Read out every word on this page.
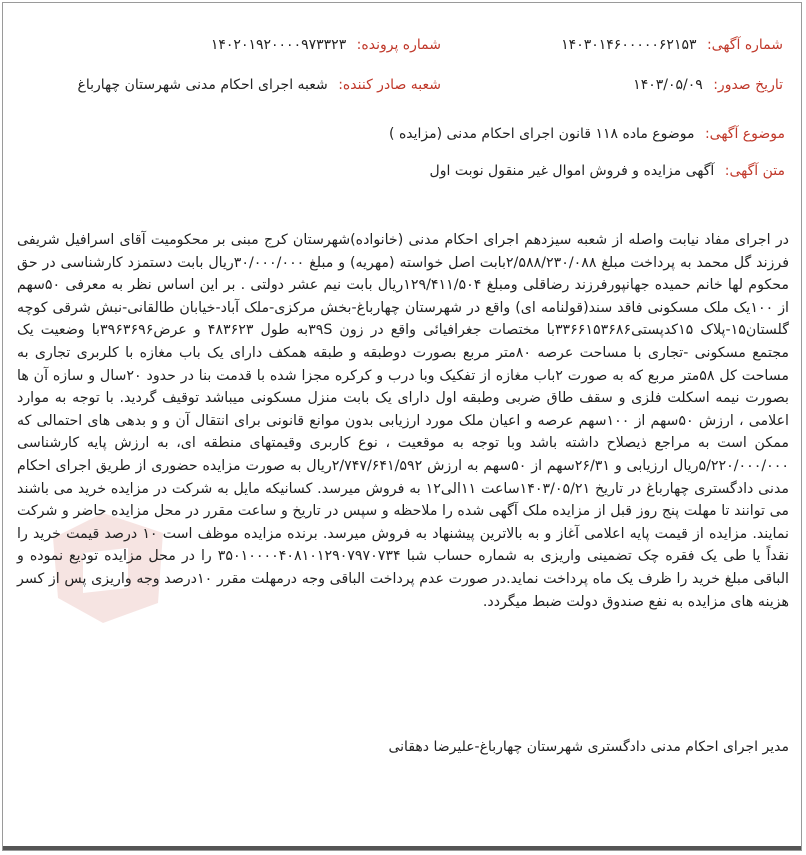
شماره آگهی: ۱۴۰۳۰۱۴۶۰۰۰۰۰۶۲۱۵۳
شماره پرونده: ۱۴۰۲۰۱۹۲۰۰۰۰۹۷۳۳۲۳
تاریخ صدور: ۱۴۰۳/۰۵/۰۹
شعبه صادر کننده: شعبه اجرای احکام مدنی شهرستان چهارباغ
موضوع آگهی: موضوع ماده ۱۱۸ قانون اجرای احکام مدنی (مزایده )
متن آگهی: آگهی مزایده و فروش اموال غیر منقول نوبت اول
در اجرای مفاد نیابت واصله از شعبه سیزدهم اجرای احکام مدنی (خانواده)شهرستان کرج مبنی بر محکومیت آقای اسرافیل شریفی فرزند گل محمد به پرداخت مبلغ ۲/۵۸۸/۲۳۰/۰۸۸بابت اصل خواسته (مهریه) و مبلغ ۳۰/۰۰۰/۰۰۰ریال بابت دستمزد کارشناسی در حق محکوم لها خانم حمیده جهانپورفرزند رضاقلی ومبلغ ۱۲۹/۴۱۱/۵۰۴ریال بابت نیم عشر دولتی . بر این اساس نظر به معرفی ۵۰سهم از ۱۰۰یک ملک مسکونی فاقد سند(قولنامه ای) واقع در شهرستان چهارباغ-بخش مرکزی-ملک آباد-خیابان طالقانی-نبش شرقی کوچه گلستان۱۵-پلاک ۱۵کدپستی۳۳۶۶۱۵۳۶۸۶با مختصات جغرافیائی واقع در زون ۳۹Sبه طول ۴۸۳۶۲۳ و عرض۳۹۶۳۶۹۶با وضعیت یک مجتمع مسکونی -تجاری با مساحت عرصه ۸۰متر مربع بصورت دوطبقه و طبقه همکف دارای یک باب مغازه با کلربری تجاری به مساحت کل ۵۸متر مربع که به صورت ۲باب مغازه از تفکیک وبا درب و کرکره مجزا شده با قدمت بنا در حدود ۲۰سال و سازه آن ها بصورت نیمه اسکلت فلزی و سقف طاق ضربی وطبقه اول دارای یک بابت منزل مسکونی میباشد توقیف گردید. با توجه به موارد اعلامی ، ارزش ۵۰سهم از ۱۰۰سهم عرصه و اعیان ملک مورد ارزیابی بدون موانع قانونی برای انتقال آن و و بدهی های احتمالی که ممکن است به مراجع ذیصلاح داشته باشد وبا توجه به موقعیت ، نوع کاربری وقیمتهای منطقه ای، به ارزش پایه کارشناسی ۵/۲۲۰/۰۰۰/۰۰۰ریال ارزیابی و ۲۶/۳۱سهم از ۵۰سهم به ارزش ۲/۷۴۷/۶۴۱/۵۹۲ریال به صورت مزایده حضوری از طریق اجرای احکام مدنی دادگستری چهارباغ در تاریخ ۱۴۰۳/۰۵/۲۱ساعت ۱۱الی۱۲ به فروش میرسد. کسانیکه مایل به شرکت در مزایده خرید می باشند می توانند تا مهلت پنج روز قبل از مزایده ملک آگهی شده را ملاحظه و سپس در تاریخ و ساعت مقرر در محل مزایده حاضر و شرکت نمایند. مزایده از قیمت پایه اعلامی آغاز و به بالاترین پیشنهاد به فروش میرسد. برنده مزایده موظف است ۱۰ درصد قیمت خرید را نقداً یا طی یک فقره چک تضمینی واریزی به شماره حساب شبا ۳۵۰۱۰۰۰۰۴۰۸۱۰۱۲۹۰۷۹۷۰۷۳۴ را در محل مزایده تودیع نموده و الباقی مبلغ خرید را ظرف یک ماه پرداخت نماید.در صورت عدم پرداخت الباقی وجه درمهلت مقرر ۱۰درصد وجه واریزی پس از کسر هزینه های مزایده به نفع صندوق دولت ضبط میگردد.
مدیر اجرای احکام مدنی دادگستری شهرستان چهارباغ-علیرضا دهقانی
